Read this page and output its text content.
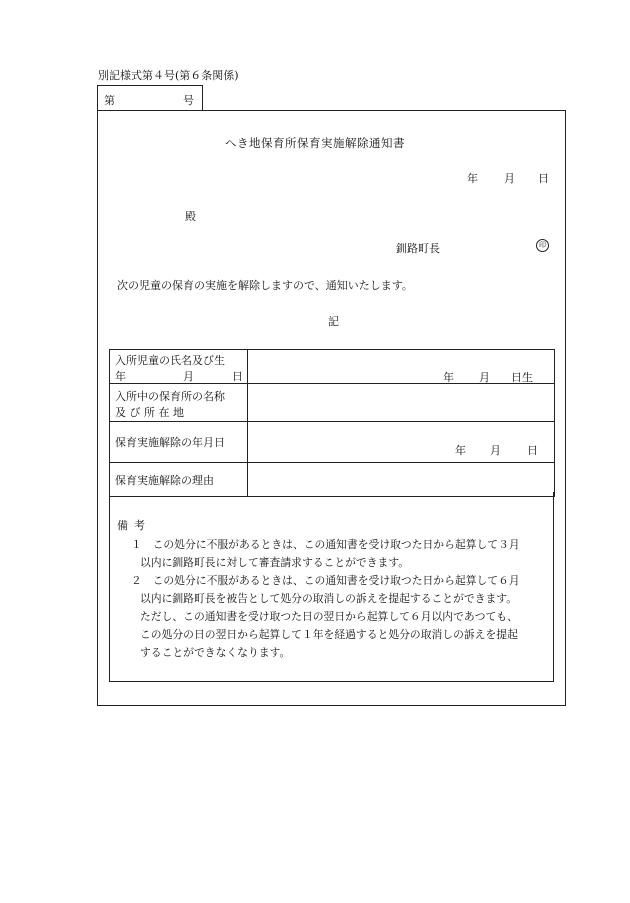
別記様式第４号(第６条関係)
第	号
へき地保育所保育実施解除通知書
年 月 日
殿
釧路町長	印
次の児童の保育の実施を解除しますので、通知いたします。
記
入所児童の氏名及び生
年 月 日	年 月 日生

入所中の保育所の名称
及 び 所 在 地	

保育実施解除の年月日	年 月 日

保育実施解除の理由	

備考
１　この処分に不服があるときは、この通知書を受け取つた日から起算して３月
以内に釧路町長に対して審査請求することができます。
２　この処分に不服があるときは、この通知書を受け取つた日から起算して６月
以内に釧路町長を被告として処分の取消しの訴えを提起することができます。
ただし、この通知書を受け取つた日の翌日から起算して６月以内であつても、
この処分の日の翌日から起算して１年を経過すると処分の取消しの訴えを提起
することができなくなります。
